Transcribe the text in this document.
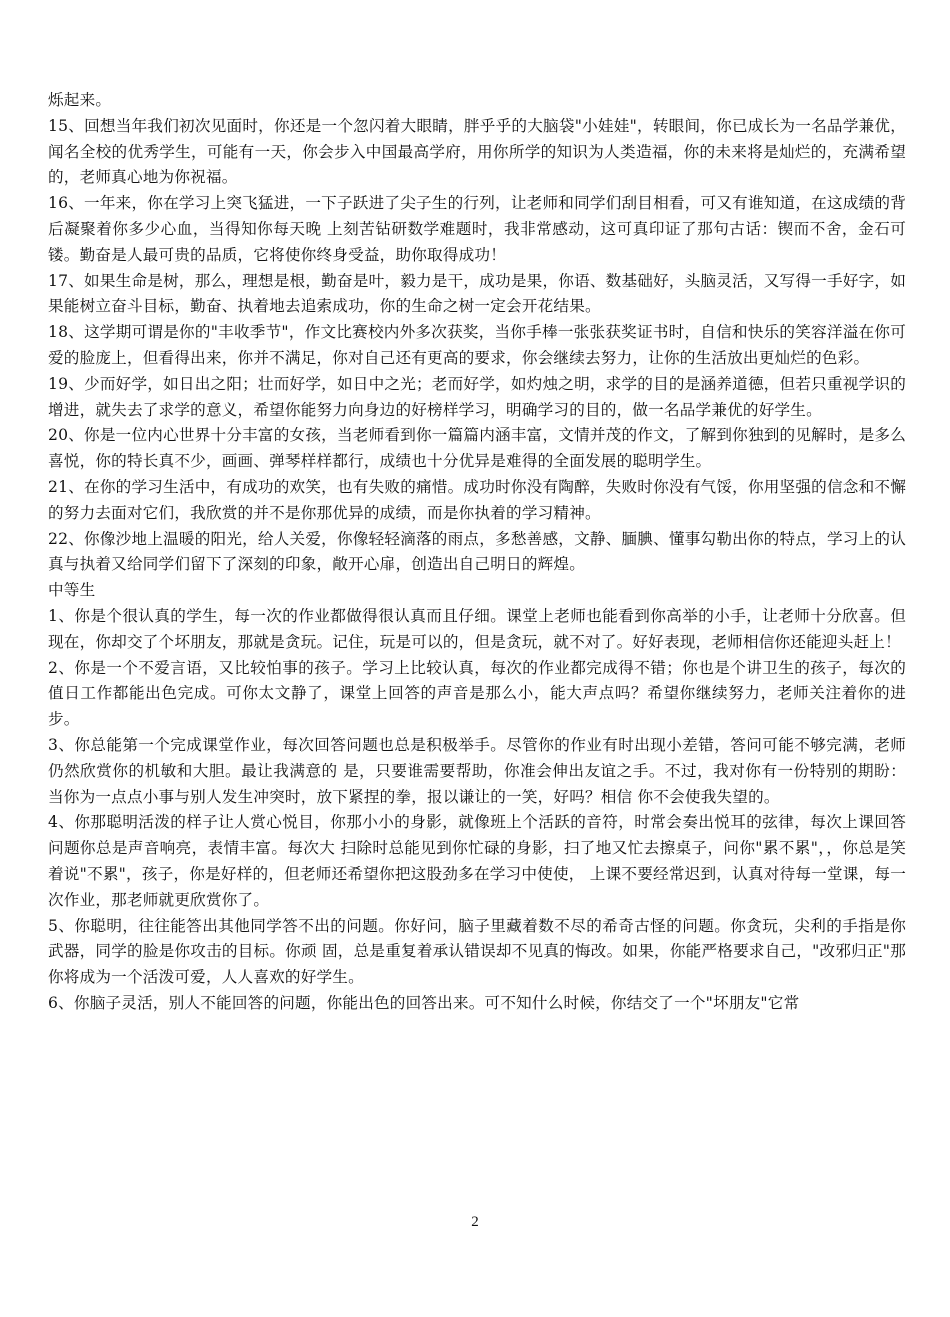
烁起来。

15、回想当年我们初次见面时，你还是一个忽闪着大眼睛，胖乎乎的大脑袋"小娃娃"，转眼间，你已成长为一名品学兼优，闻名全校的优秀学生，可能有一天，你会步入中国最高学府，用你所学的知识为人类造福，你的未来将是灿烂的，充满希望的，老师真心地为你祝福。

16、一年来，你在学习上突飞猛进，一下子跃进了尖子生的行列，让老师和同学们刮目相看，可又有谁知道，在这成绩的背后凝聚着你多少心血，当得知你每天晚 上刻苦钻研数学难题时，我非常感动，这可真印证了那句古话：锲而不舍，金石可镂。勤奋是人最可贵的品质，它将使你终身受益，助你取得成功！

17、如果生命是树，那么，理想是根，勤奋是叶，毅力是干，成功是果，你语、数基础好，头脑灵活，又写得一手好字，如果能树立奋斗目标，勤奋、执着地去追索成功，你的生命之树一定会开花结果。

18、这学期可谓是你的"丰收季节"，作文比赛校内外多次获奖，当你手棒一张张获奖证书时，自信和快乐的笑容洋溢在你可爱的脸庞上，但看得出来，你并不满足，你对自己还有更高的要求，你会继续去努力，让你的生活放出更灿烂的色彩。

19、少而好学，如日出之阳；壮而好学，如日中之光；老而好学，如灼烛之明，求学的目的是涵养道德，但若只重视学识的增进，就失去了求学的意义，希望你能努力向身边的好榜样学习，明确学习的目的，做一名品学兼优的好学生。

20、你是一位内心世界十分丰富的女孩，当老师看到你一篇篇内涵丰富，文情并茂的作文，了解到你独到的见解时，是多么喜悦，你的特长真不少，画画、弹琴样样都行，成绩也十分优异是难得的全面发展的聪明学生。

21、在你的学习生活中，有成功的欢笑，也有失败的痛惜。成功时你没有陶醉，失败时你没有气馁，你用坚强的信念和不懈的努力去面对它们，我欣赏的并不是你那优异的成绩，而是你执着的学习精神。

22、你像沙地上温暖的阳光，给人关爱，你像轻轻滴落的雨点，多愁善感，文静、腼腆、懂事勾勒出你的特点，学习上的认真与执着又给同学们留下了深刻的印象，敞开心扉，创造出自己明日的辉煌。

中等生

1、你是个很认真的学生，每一次的作业都做得很认真而且仔细。课堂上老师也能看到你高举的小手，让老师十分欣喜。但现在，你却交了个坏朋友，那就是贪玩。记住，玩是可以的，但是贪玩，就不对了。好好表现，老师相信你还能迎头赶上！

2、你是一个不爱言语，又比较怕事的孩子。学习上比较认真，每次的作业都完成得不错；你也是个讲卫生的孩子，每次的值日工作都能出色完成。可你太文静了，课堂上回答的声音是那么小，能大声点吗？希望你继续努力，老师关注着你的进步。

3、你总能第一个完成课堂作业，每次回答问题也总是积极举手。尽管你的作业有时出现小差错，答问可能不够完满，老师仍然欣赏你的机敏和大胆。最让我满意的 是，只要谁需要帮助，你准会伸出友谊之手。不过，我对你有一份特别的期盼：当你为一点点小事与别人发生冲突时，放下紧捏的拳，报以谦让的一笑，好吗？相信 你不会使我失望的。

4、你那聪明活泼的样子让人赏心悦目，你那小小的身影，就像班上个活跃的音符，时常会奏出悦耳的弦律，每次上课回答问题你总是声音响亮，表情丰富。每次大 扫除时总能见到你忙碌的身影，扫了地又忙去擦桌子，问你"累不累"，，你总是笑着说"不累"，孩子，你是好样的，但老师还希望你把这股劲多在学习中使使， 上课不要经常迟到，认真对待每一堂课，每一次作业，那老师就更欣赏你了。

5、你聪明，往往能答出其他同学答不出的问题。你好问，脑子里藏着数不尽的希奇古怪的问题。你贪玩，尖利的手指是你武器，同学的脸是你攻击的目标。你顽 固，总是重复着承认错误却不见真的悔改。如果，你能严格要求自己，"改邪归正"那你将成为一个活泼可爱，人人喜欢的好学生。

6、你脑子灵活，别人不能回答的问题，你能出色的回答出来。可不知什么时候，你结交了一个"坏朋友"它常

2
